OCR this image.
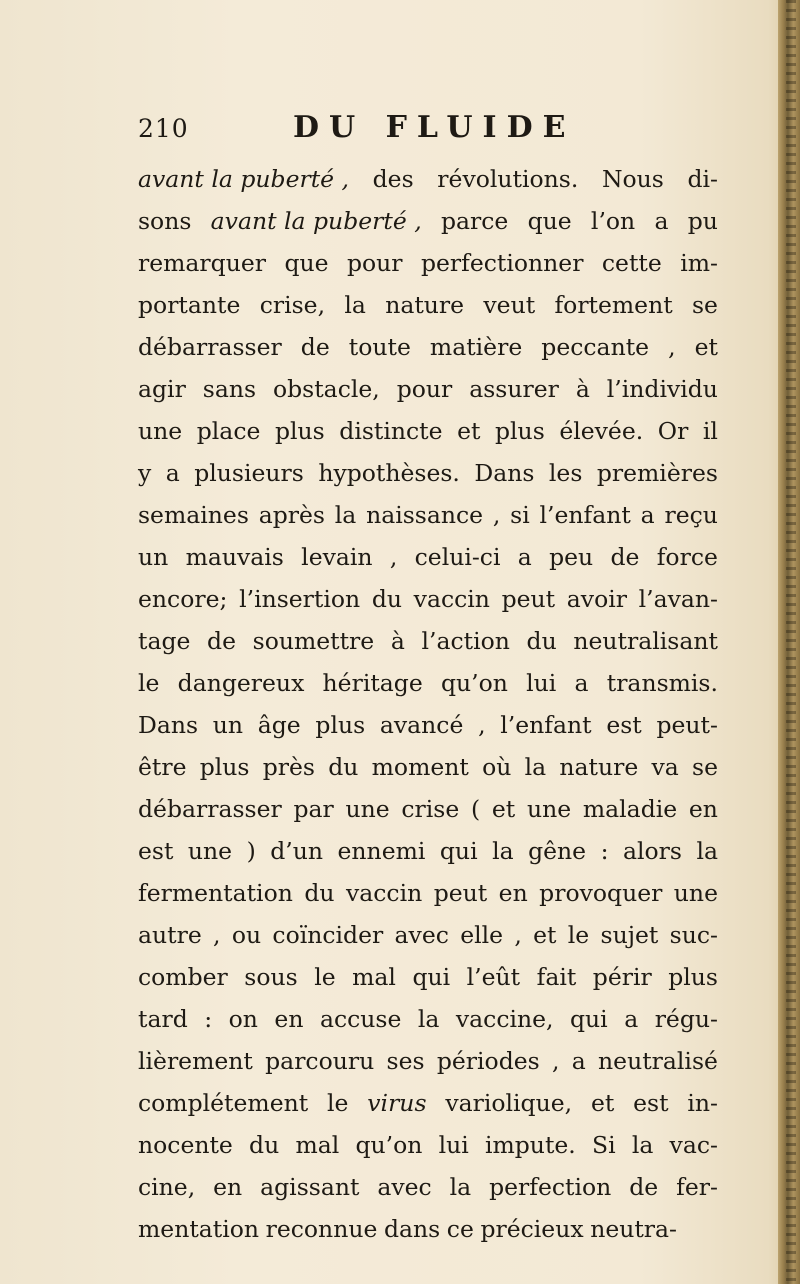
210	DU FLUIDE
avant la puberté , des révolutions. Nous di-
sons avant la puberté , parce que l’on a pu
remarquer que pour perfectionner cette im-
portante crise, la nature veut fortement se
débarrasser de toute matière peccante , et
agir sans obstacle, pour assurer à l’individu
une place plus distincte et plus élevée. Or il
y a plusieurs hypothèses. Dans les premières
semaines après la naissance , si l’enfant a reçu
un mauvais levain , celui-ci a peu de force
encore; l’insertion du vaccin peut avoir l’avan-
tage de soumettre à l’action du neutralisant
le dangereux héritage qu’on lui a transmis.
Dans un âge plus avancé , l’enfant est peut-
être plus près du moment où la nature va se
débarrasser par une crise ( et une maladie en
est une ) d’un ennemi qui la gêne : alors la
fermentation du vaccin peut en provoquer une
autre , ou coïncider avec elle , et le sujet suc-
comber sous le mal qui l’eût fait périr plus
tard : on en accuse la vaccine, qui a régu-
lièrement parcouru ses périodes , a neutralisé
complétement le virus variolique, et est in-
nocente du mal qu’on lui impute. Si la vac-
cine, en agissant avec la perfection de fer-
mentation reconnue dans ce précieux neutra-
